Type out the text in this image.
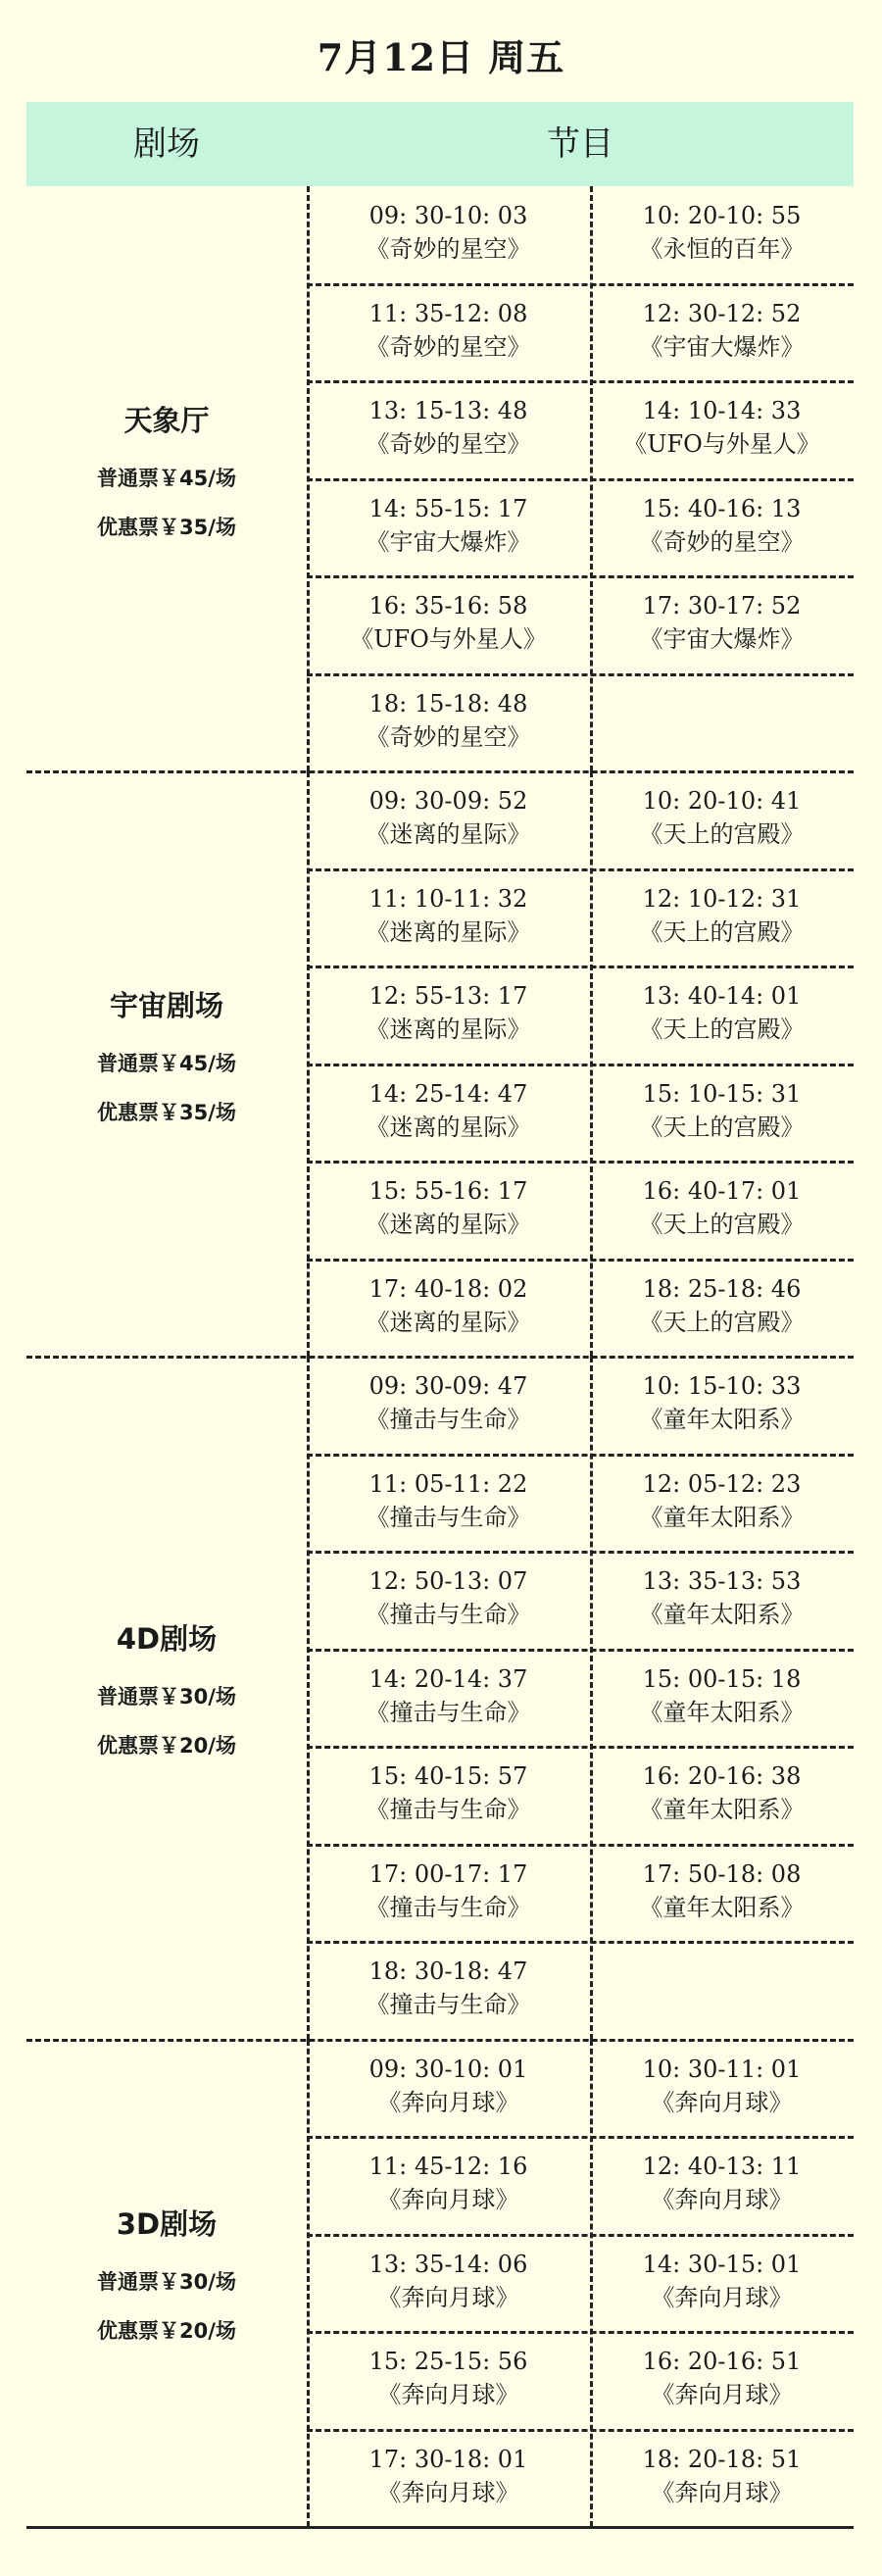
7月12日 周五
剧场	节目
天象厅
普通票￥45/场
优惠票￥35/场
09: 30-10: 03
《奇妙的星空》
10: 20-10: 55
《永恒的百年》
11: 35-12: 08
《奇妙的星空》
12: 30-12: 52
《宇宙大爆炸》
13: 15-13: 48
《奇妙的星空》
14: 10-14: 33
《UFO与外星人》
14: 55-15: 17
《宇宙大爆炸》
15: 40-16: 13
《奇妙的星空》
16: 35-16: 58
《UFO与外星人》
17: 30-17: 52
《宇宙大爆炸》
18: 15-18: 48
《奇妙的星空》
宇宙剧场
普通票￥45/场
优惠票￥35/场
09: 30-09: 52
《迷离的星际》
10: 20-10: 41
《天上的宫殿》
11: 10-11: 32
《迷离的星际》
12: 10-12: 31
《天上的宫殿》
12: 55-13: 17
《迷离的星际》
13: 40-14: 01
《天上的宫殿》
14: 25-14: 47
《迷离的星际》
15: 10-15: 31
《天上的宫殿》
15: 55-16: 17
《迷离的星际》
16: 40-17: 01
《天上的宫殿》
17: 40-18: 02
《迷离的星际》
18: 25-18: 46
《天上的宫殿》
4D剧场
普通票￥30/场
优惠票￥20/场
09: 30-09: 47
《撞击与生命》
10: 15-10: 33
《童年太阳系》
11: 05-11: 22
《撞击与生命》
12: 05-12: 23
《童年太阳系》
12: 50-13: 07
《撞击与生命》
13: 35-13: 53
《童年太阳系》
14: 20-14: 37
《撞击与生命》
15: 00-15: 18
《童年太阳系》
15: 40-15: 57
《撞击与生命》
16: 20-16: 38
《童年太阳系》
17: 00-17: 17
《撞击与生命》
17: 50-18: 08
《童年太阳系》
18: 30-18: 47
《撞击与生命》
3D剧场
普通票￥30/场
优惠票￥20/场
09: 30-10: 01
《奔向月球》
10: 30-11: 01
《奔向月球》
11: 45-12: 16
《奔向月球》
12: 40-13: 11
《奔向月球》
13: 35-14: 06
《奔向月球》
14: 30-15: 01
《奔向月球》
15: 25-15: 56
《奔向月球》
16: 20-16: 51
《奔向月球》
17: 30-18: 01
《奔向月球》
18: 20-18: 51
《奔向月球》
